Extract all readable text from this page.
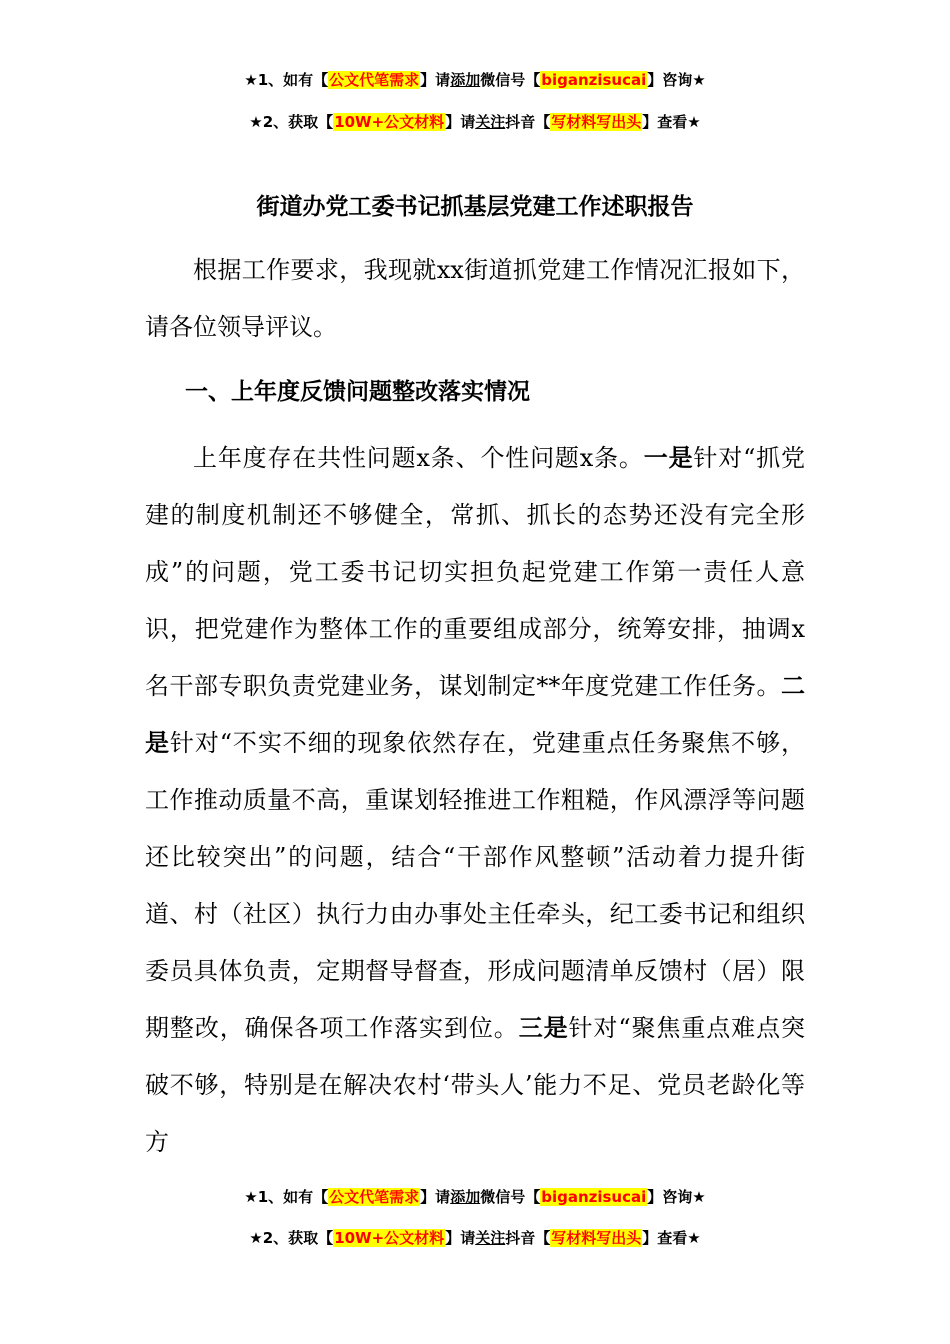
★1、如有【公文代笔需求】请添加微信号【biganzisucai】咨询★
★2、获取【10W+公文材料】请关注抖音【写材料写出头】查看★
街道办党工委书记抓基层党建工作述职报告
根据工作要求，我现就xx街道抓党建工作情况汇报如下，请各位领导评议。
一、上年度反馈问题整改落实情况
上年度存在共性问题x条、个性问题x条。一是针对“抓党建的制度机制还不够健全，常抓、抓长的态势还没有完全形成”的问题，党工委书记切实担负起党建工作第一责任人意识，把党建作为整体工作的重要组成部分，统筹安排，抽调x名干部专职负责党建业务，谋划制定**年度党建工作任务。二是针对“不实不细的现象依然存在，党建重点任务聚焦不够，工作推动质量不高，重谋划轻推进工作粗糙，作风漂浮等问题还比较突出”的问题，结合“干部作风整顿”活动着力提升街道、村（社区）执行力由办事处主任牵头，纪工委书记和组织委员具体负责，定期督导督查，形成问题清单反馈村（居）限期整改，确保各项工作落实到位。三是针对“聚焦重点难点突破不够，特别是在解决农村‘带头人’能力不足、党员老龄化等方
★1、如有【公文代笔需求】请添加微信号【biganzisucai】咨询★
★2、获取【10W+公文材料】请关注抖音【写材料写出头】查看★
